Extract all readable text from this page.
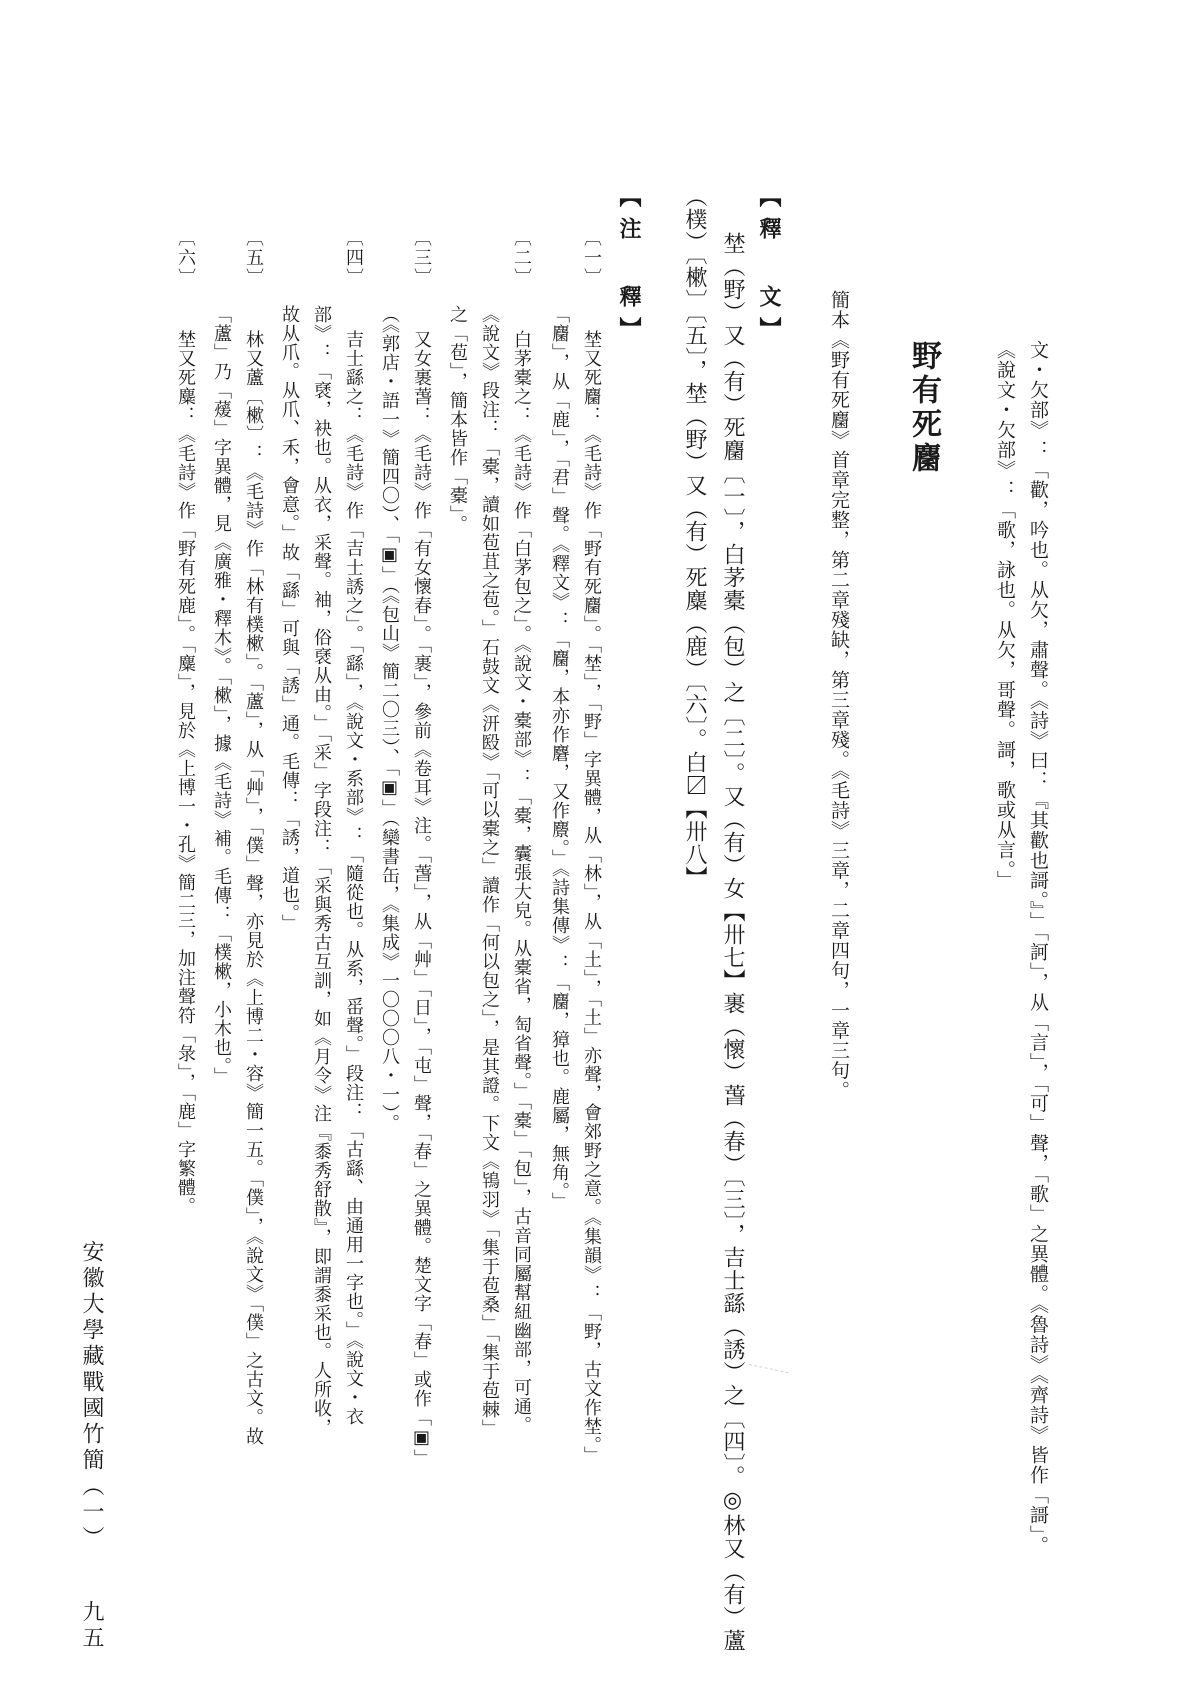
文・欠部》：「歡，吟也。从欠，肅聲。《詩》曰：『其歡也謌。』」「訶」，从「言」，「可」聲，「歌」之異體。《魯詩》《齊詩》皆作「謌」。
《說文・欠部》：「歌，詠也。从欠，哥聲。謌，歌或从言。」
野有死麕
簡本《野有死麕》首章完整，第二章殘缺，第三章殘。《毛詩》三章，二章四句，一章三句。
【釋 文】
埜（野）又（有）死麕〔一〕，白茅橐（包）之〔二〕。又（有）女【卅七】裹（懷）萅（春）〔三〕，吉士繇（誘）之〔四〕。◎林又（有）蘆
（樸）〔樕〕〔五〕，埜（野）又（有）死麋（鹿）〔六〕。白〼【卅八】
【注 釋】
〔一〕
埜又死麕：《毛詩》作「野有死麕」。「埜」，「野」字異體，从「林」，从「土」，「土」亦聲，會郊野之意。《集韻》：「野，古文作埜。」
「麕」，从「鹿」，「君」聲。《釋文》：「麕，本亦作麏，又作麖。」《詩集傳》：「麕，獐也。鹿屬，無角。」
〔二〕
白茅橐之：《毛詩》作「白茅包之」。《說文・橐部》：「橐，囊張大皃。从橐省，匋省聲。」「橐」「包」，古音同屬幫紐幽部，可通。
《說文》段注：「橐，讀如苞苴之苞。」石鼓文《汧殹》「可以橐之」讀作「何以包之」，是其證。下文《鴇羽》「集于苞桑」「集于苞棘」
之「苞」，簡本皆作「橐」。
〔三〕
又女裹萅：《毛詩》作「有女懷春」。「裹」，參前《卷耳》注。「萅」，从「艸」「日」，「屯」聲，「春」之異體。楚文字「春」或作「▣」
（《郭店・語一》簡四〇）、「▣」（《包山》簡二〇三）、「▣」（欒書缶，《集成》一〇〇〇八・一）。
〔四〕
吉士繇之：《毛詩》作「吉士誘之」。「繇」，《說文・系部》：「隨從也。从系，䍃聲。」段注：「古繇、由通用一字也。」《說文・衣
部》：「褎，袂也。从衣，采聲。袖，俗褎从由。」「采」字段注：「采與秀古互訓，如《月令》注『黍秀舒散』，即謂黍采也。人所收，
故从爪。从爪、禾，會意。」故「繇」可與「誘」通。毛傳：「誘，道也。」
〔五〕
林又蘆〔樕〕：《毛詩》作「林有樸樕」。「蘆」，从「艸」，「僕」聲，亦見於《上博二・容》簡一五。「僕」，《說文》「僕」之古文。故
「蘆」乃「蕿」字異體，見《廣雅・釋木》。「樕」，據《毛詩》補。毛傳：「樸樕，小木也。」
〔六〕
埜又死麋：《毛詩》作「野有死鹿」。「麋」，見於《上博一・孔》簡二三，加注聲符「彔」，「鹿」字繁體。
安徽大學藏戰國竹簡（一）
九五
